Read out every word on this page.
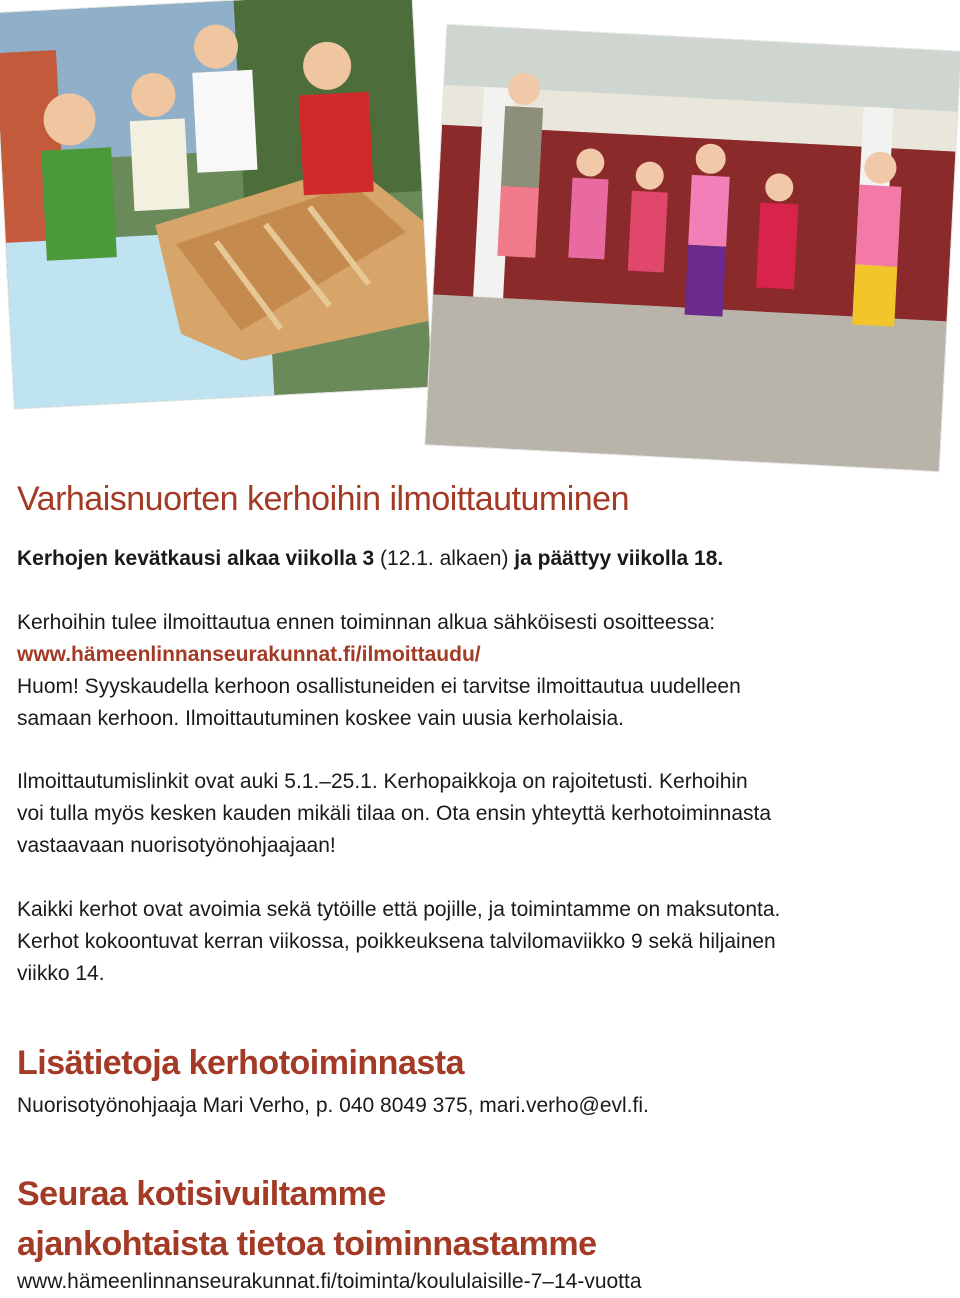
Varhaisnuorten kerhoihin ilmoittautuminen

Kerhojen kevätkausi alkaa viikolla 3 (12.1. alkaen) ja päättyy viikolla 18.

Kerhoihin tulee ilmoittautua ennen toiminnan alkua sähköisesti osoitteessa:

www.hämeenlinnanseurakunnat.fi/ilmoittaudu/

Huom! Syyskaudella kerhoon osallistuneiden ei tarvitse ilmoittautua uudelleen

samaan kerhoon. Ilmoittautuminen koskee vain uusia kerholaisia.

Ilmoittautumislinkit ovat auki 5.1.–25.1. Kerhopaikkoja on rajoitetusti. Kerhoihin

voi tulla myös kesken kauden mikäli tilaa on. Ota ensin yhteyttä kerhotoiminnasta

vastaavaan nuorisotyönohjaajaan!

Kaikki kerhot ovat avoimia sekä tytöille että pojille, ja toimintamme on maksutonta.

Kerhot kokoontuvat kerran viikossa, poikkeuksena talvilomaviikko 9 sekä hiljainen

viikko 14.

Lisätietoja kerhotoiminnasta

Nuorisotyönohjaaja Mari Verho, p. 040 8049 375, mari.verho@evl.fi.

Seuraa kotisivuiltamme
ajankohtaista tietoa toiminnastamme

www.hämeenlinnanseurakunnat.fi/toiminta/koululaisille-7–14-vuotta
